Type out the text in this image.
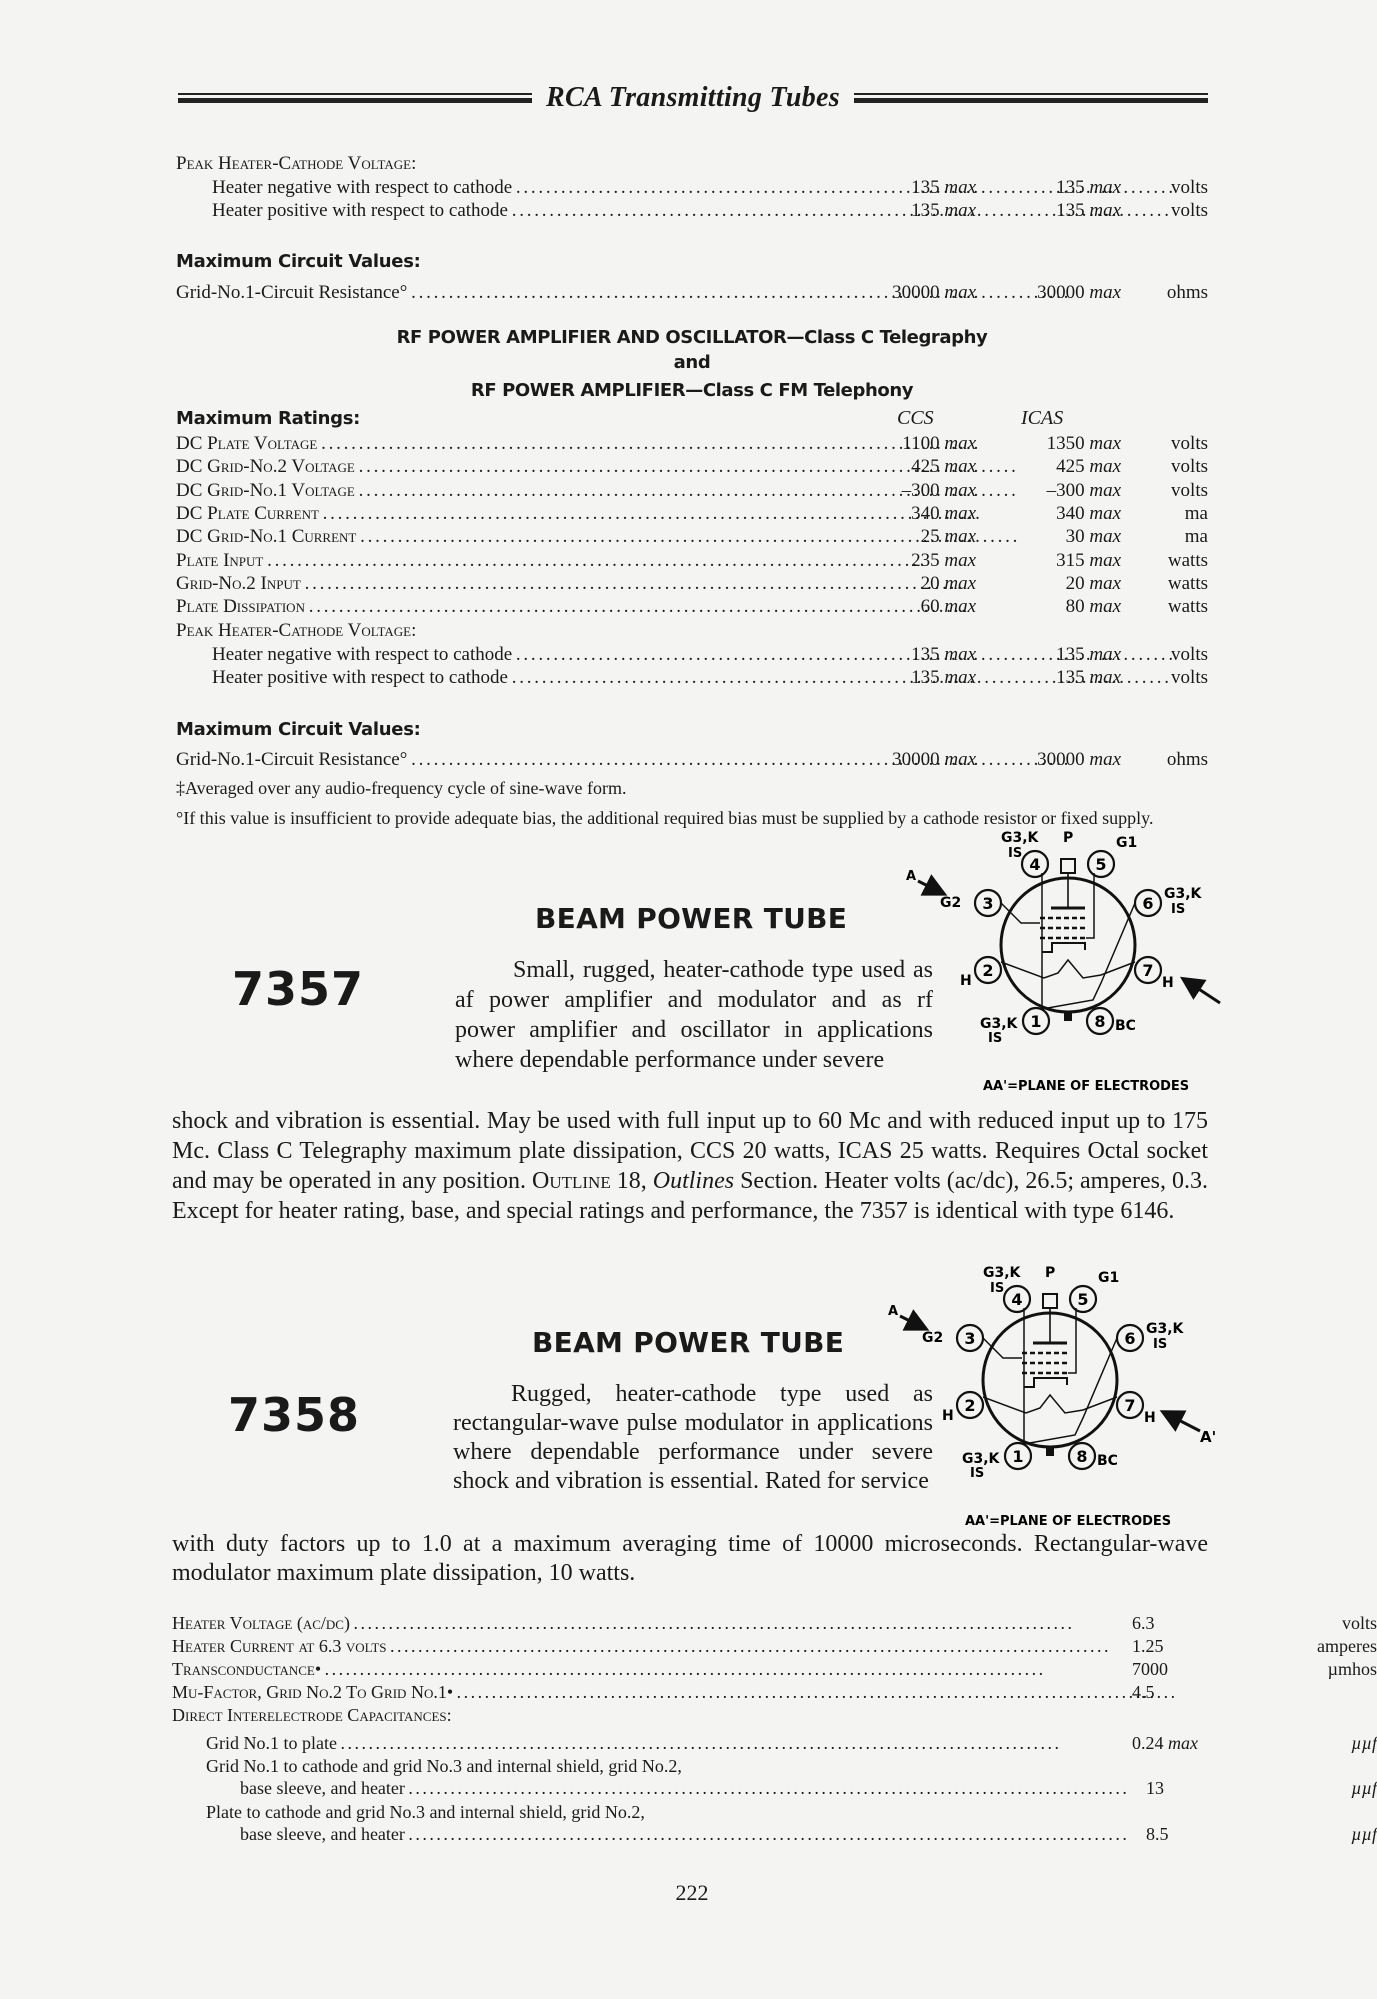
RCA Transmitting Tubes
Peak Heater-Cathode Voltage:
Heater negative with respect to cathode . . .	135 max	135 max	volts
Heater positive with respect to cathode . . .	135 max	135 max	volts
Maximum Circuit Values:
Grid-No.1-Circuit Resistance° . . .	30000 max	30000 max	ohms
RF POWER AMPLIFIER AND OSCILLATOR—Class C Telegraphy
and
RF POWER AMPLIFIER—Class C FM Telephony
Maximum Ratings:	CCS	ICAS
DC Plate Voltage . . .	1100 max	1350 max	volts
DC Grid-No.2 Voltage . . .	425 max	425 max	volts
DC Grid-No.1 Voltage . . .	–300 max	–300 max	volts
DC Plate Current . . .	340 max	340 max	ma
DC Grid-No.1 Current . . .	25 max	30 max	ma
Plate Input . . .	235 max	315 max	watts
Grid-No.2 Input . . .	20 max	20 max	watts
Plate Dissipation . . .	60 max	80 max	watts
Peak Heater-Cathode Voltage:
Heater negative with respect to cathode . . .	135 max	135 max	volts
Heater positive with respect to cathode . . .	135 max	135 max	volts
Maximum Circuit Values:
Grid-No.1-Circuit Resistance° . . .	30000 max	30000 max	ohms
‡Averaged over any audio-frequency cycle of sine-wave form.
°If this value is insufficient to provide adequate bias, the additional required bias must be supplied by a cathode resistor or fixed supply.
BEAM POWER TUBE
7357	Small, rugged, heater-cathode type used as af power amplifier and modulator and as rf power amplifier and oscillator in applications where dependable performance under severe
shock and vibration is essential. May be used with full input up to 60 Mc and with reduced input up to 175 Mc. Class C Telegraphy maximum plate dissipation, CCS 20 watts, ICAS 25 watts. Requires Octal socket and may be operated in any position. Outline 18, Outlines Section. Heater volts (ac/dc), 26.5; amperes, 0.3. Except for heater rating, base, and special ratings and performance, the 7357 is identical with type 6146.
1
2
3
4	5
6
7
8
G3,K
IS
P	G1
G2
G3,K
IS
H	H
G3,K
IS
BC
A
AA'=PLANE OF ELECTRODES
BEAM POWER TUBE
7358	Rugged, heater-cathode type used as rectangular-wave pulse modulator in applications where dependable performance under severe shock and vibration is essential. Rated for service
with duty factors up to 1.0 at a maximum averaging time of 10000 microseconds. Rectangular-wave modulator maximum plate dissipation, 10 watts.
1
2
3
4	5
6
7
8
G3,K
IS
P	G1
G2
G3,K
IS
H	H
G3,K
IS
BC
A
A'
AA'=PLANE OF ELECTRODES
Heater Voltage (ac/dc) . . .	6.3	volts
Heater Current at 6.3 volts . . .	1.25	amperes
Transconductance• . . .	7000	µmhos
Mu-Factor, Grid No.2 To Grid No.1• . . .	4.5
Direct Interelectrode Capacitances:
Grid No.1 to plate . . .	0.24 max	µµf
Grid No.1 to cathode and grid No.3 and internal shield, grid No.2,
base sleeve, and heater . . .	13	µµf
Plate to cathode and grid No.3 and internal shield, grid No.2,
base sleeve, and heater . . .	8.5	µµf
222
